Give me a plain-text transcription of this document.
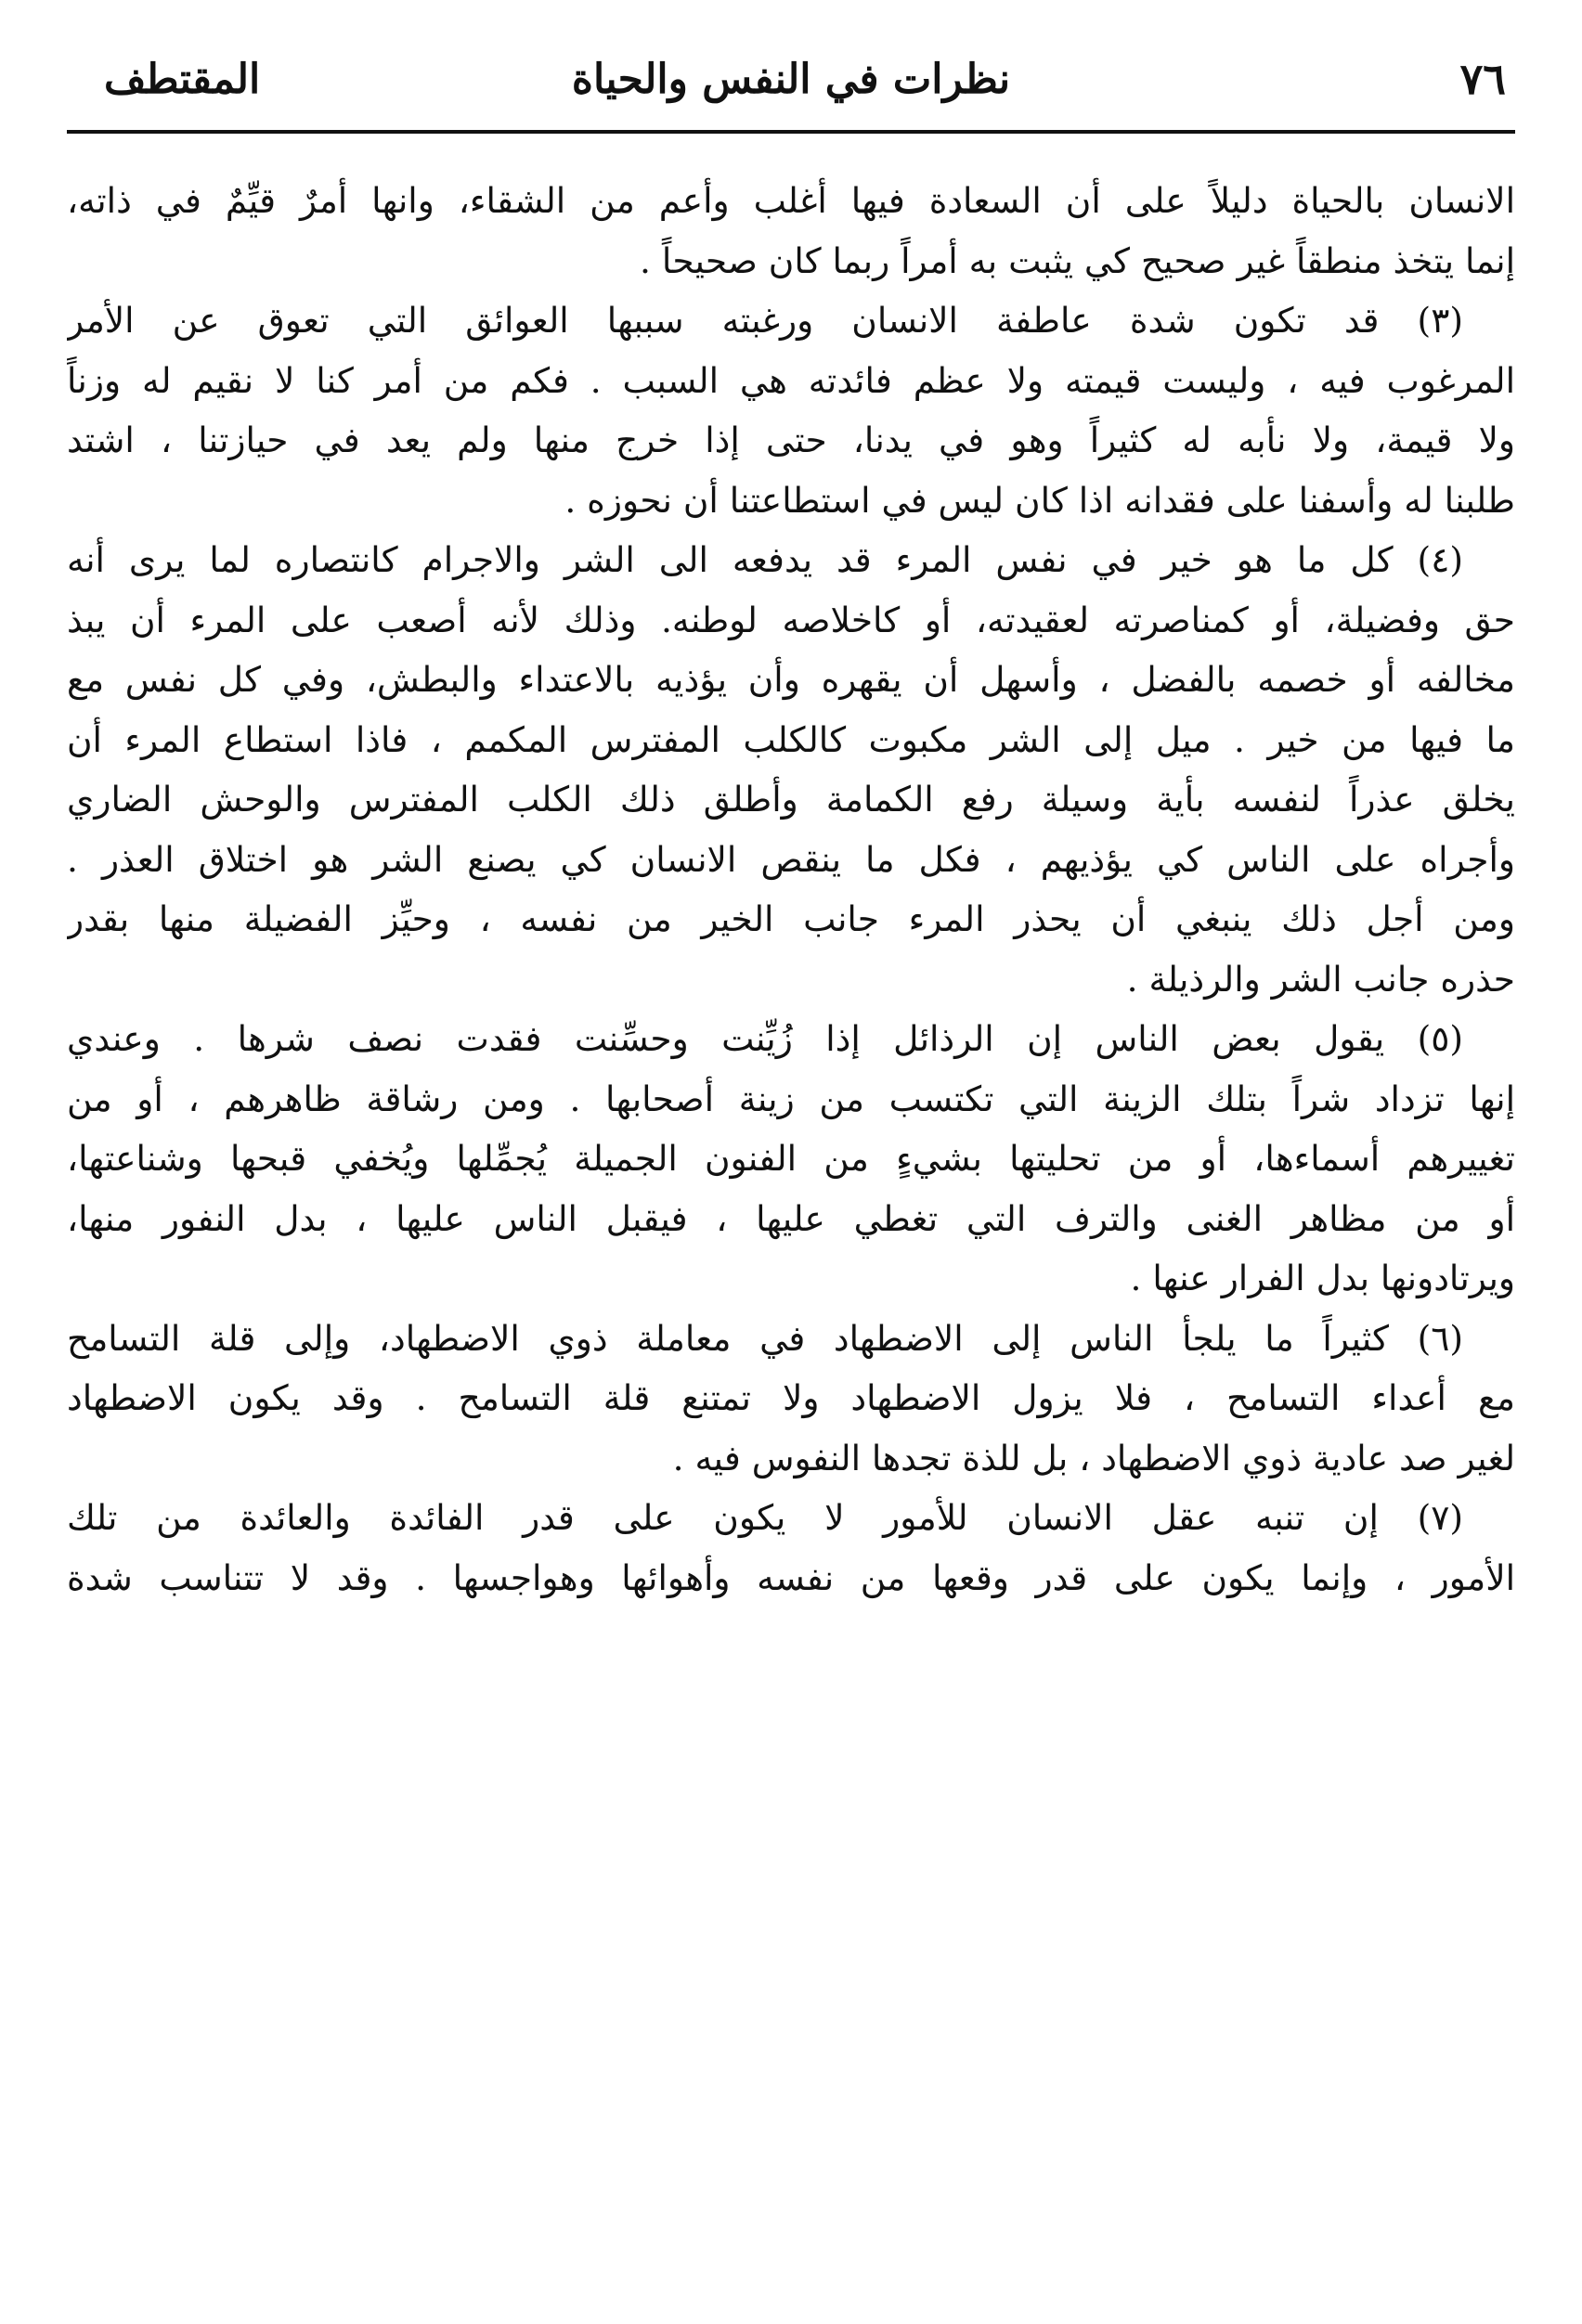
٧٦
نظرات في النفس والحياة
المقتطف
الانسان بالحياة دليلاً على أن السعادة فيها أغلب وأعم من الشقاء، وانها أمرٌ قيِّمٌ في ذاته،
إنما يتخذ منطقاً غير صحيح كي يثبت به أمراً ربما كان صحيحاً .
(٣) قد تكون شدة عاطفة الانسان ورغبته سببها العوائق التي تعوق عن الأمر
المرغوب فيه ، وليست قيمته ولا عظم فائدته هي السبب . فكم من أمر كنا لا نقيم له وزناً
ولا قيمة، ولا نأبه له كثيراً وهو في يدنا، حتى إذا خرج منها ولم يعد في حيازتنا ، اشتد
طلبنا له وأسفنا على فقدانه اذا كان ليس في استطاعتنا أن نحوزه .
(٤) كل ما هو خير في نفس المرء قد يدفعه الى الشر والاجرام كانتصاره لما يرى أنه
حق وفضيلة، أو كمناصرته لعقيدته، أو كاخلاصه لوطنه. وذلك لأنه أصعب على المرء أن يبذ
مخالفه أو خصمه بالفضل ، وأسهل أن يقهره وأن يؤذيه بالاعتداء والبطش، وفي كل نفس مع
ما فيها من خير . ميل إلى الشر مكبوت كالكلب المفترس المكمم ، فاذا استطاع المرء أن
يخلق عذراً لنفسه بأية وسيلة رفع الكمامة وأطلق ذلك الكلب المفترس والوحش الضاري
وأجراه على الناس كي يؤذيهم ، فكل ما ينقص الانسان كي يصنع الشر هو اختلاق العذر .
ومن أجل ذلك ينبغي أن يحذر المرء جانب الخير من نفسه ، وحيِّز الفضيلة منها بقدر
حذره جانب الشر والرذيلة .
(٥) يقول بعض الناس إن الرذائل إذا زُيِّنت وحسِّنت فقدت نصف شرها . وعندي
إنها تزداد شراً بتلك الزينة التي تكتسب من زينة أصحابها . ومن رشاقة ظاهرهم ، أو من
تغييرهم أسماءها، أو من تحليتها بشيءٍ من الفنون الجميلة يُجمِّلها ويُخفي قبحها وشناعتها،
أو من مظاهر الغنى والترف التي تغطي عليها ، فيقبل الناس عليها ، بدل النفور منها،
ويرتادونها بدل الفرار عنها .
(٦) كثيراً ما يلجأ الناس إلى الاضطهاد في معاملة ذوي الاضطهاد، وإلى قلة التسامح
مع أعداء التسامح ، فلا يزول الاضطهاد ولا تمتنع قلة التسامح . وقد يكون الاضطهاد
لغير صد عادية ذوي الاضطهاد ، بل للذة تجدها النفوس فيه .
(٧) إن تنبه عقل الانسان للأمور لا يكون على قدر الفائدة والعائدة من تلك
الأمور ، وإنما يكون على قدر وقعها من نفسه وأهوائها وهواجسها . وقد لا تتناسب شدة
